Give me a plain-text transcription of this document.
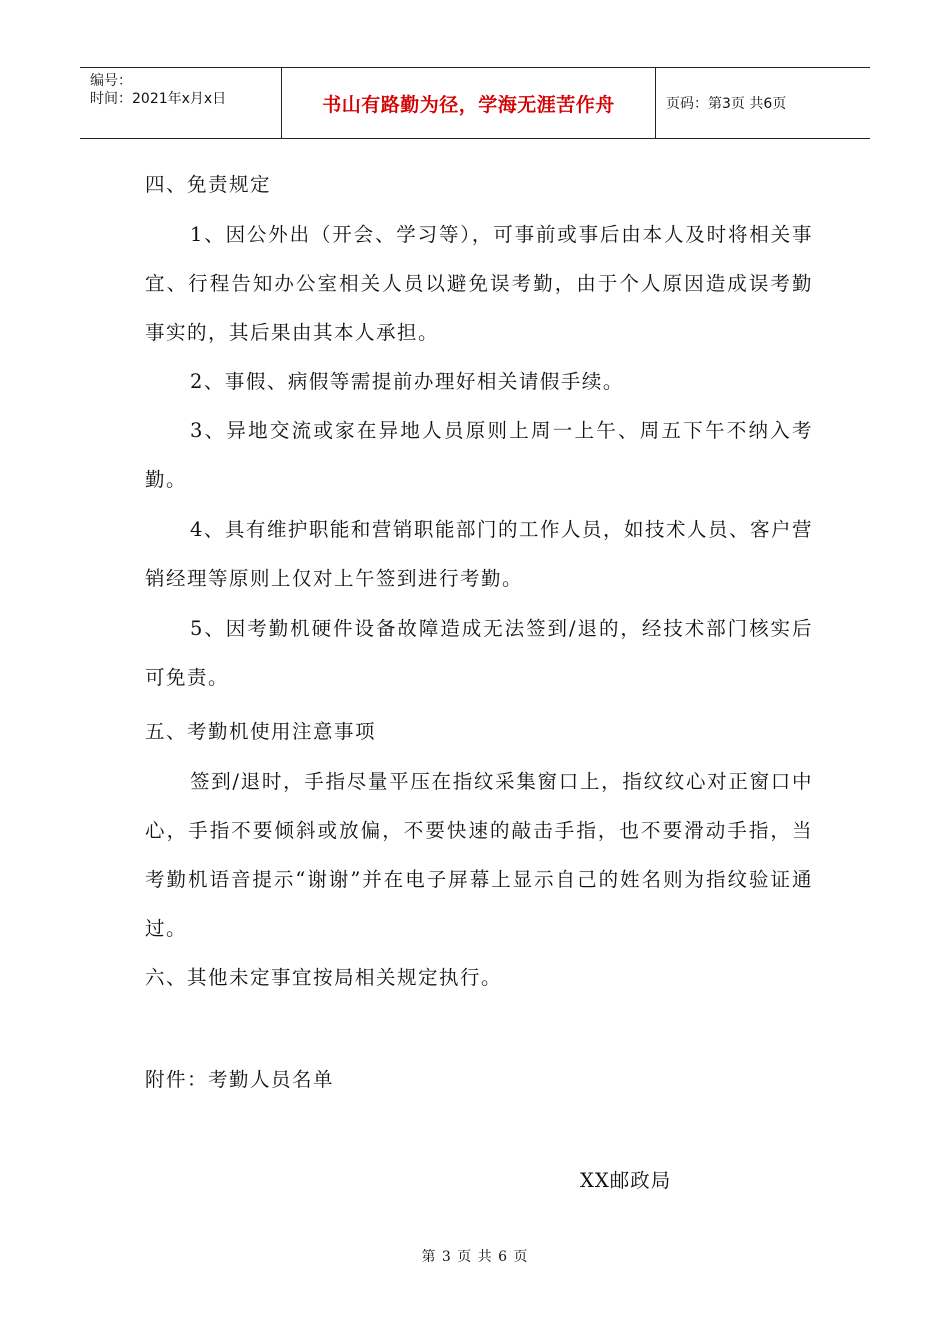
编号：
时间：2021年x月x日	书山有路勤为径，学海无涯苦作舟	页码：第3页 共6页

四、免责规定

1、因公外出（开会、学习等），可事前或事后由本人及时将相关事宜、行程告知办公室相关人员以避免误考勤，由于个人原因造成误考勤事实的，其后果由其本人承担。

2、事假、病假等需提前办理好相关请假手续。

3、异地交流或家在异地人员原则上周一上午、周五下午不纳入考勤。

4、具有维护职能和营销职能部门的工作人员，如技术人员、客户营销经理等原则上仅对上午签到进行考勤。

5、因考勤机硬件设备故障造成无法签到/退的，经技术部门核实后可免责。

五、考勤机使用注意事项

签到/退时，手指尽量平压在指纹采集窗口上，指纹纹心对正窗口中心，手指不要倾斜或放偏，不要快速的敲击手指，也不要滑动手指，当考勤机语音提示“谢谢”并在电子屏幕上显示自己的姓名则为指纹验证通过。

六、其他未定事宜按局相关规定执行。

附件：考勤人员名单

XX邮政局
第 3 页 共 6 页
